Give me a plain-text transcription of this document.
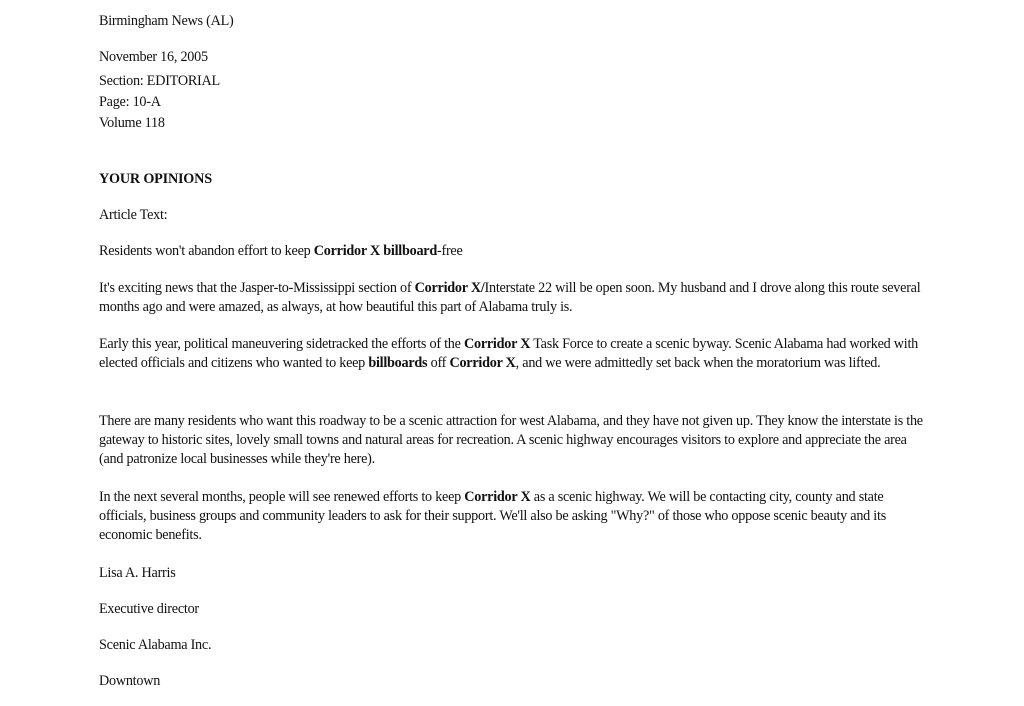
Birmingham News (AL)
November 16, 2005
Section: EDITORIAL
Page: 10-A
Volume 118
YOUR OPINIONS
Article Text:
Residents won't abandon effort to keep Corridor X billboard-free

It's exciting news that the Jasper-to-Mississippi section of Corridor X/Interstate 22 will be open soon. My husband and I drove along this route several months ago and were amazed, as always, at how beautiful this part of Alabama truly is.

Early this year, political maneuvering sidetracked the efforts of the Corridor X Task Force to create a scenic byway. Scenic Alabama had worked with elected officials and citizens who wanted to keep billboards off Corridor X, and we were admittedly set back when the moratorium was lifted.

There are many residents who want this roadway to be a scenic attraction for west Alabama, and they have not given up. They know the interstate is the gateway to historic sites, lovely small towns and natural areas for recreation. A scenic highway encourages visitors to explore and appreciate the area (and patronize local businesses while they're here).

In the next several months, people will see renewed efforts to keep Corridor X as a scenic highway. We will be contacting city, county and state officials, business groups and community leaders to ask for their support. We'll also be asking "Why?" of those who oppose scenic beauty and its economic benefits.

Lisa A. Harris
Executive director
Scenic Alabama Inc.
Downtown
